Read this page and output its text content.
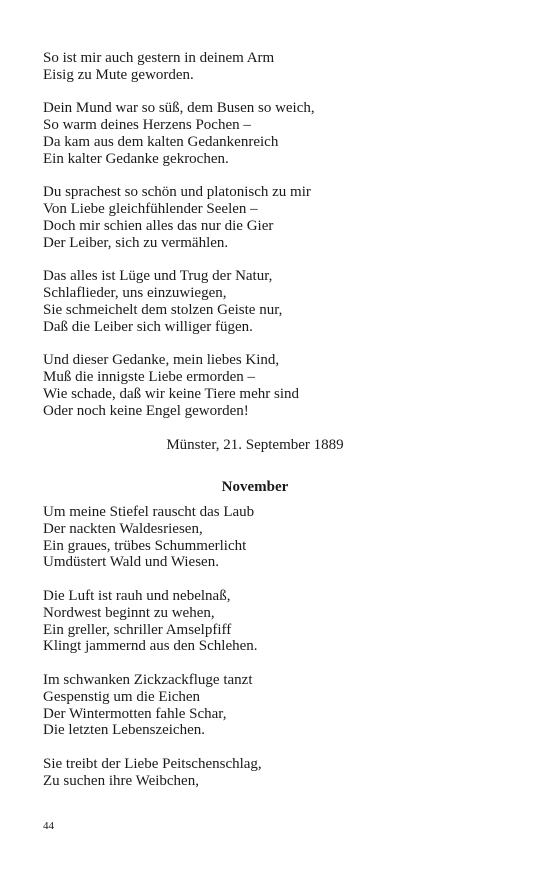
So ist mir auch gestern in deinem Arm
Eisig zu Mute geworden.
Dein Mund war so süß, dem Busen so weich,
So warm deines Herzens Pochen –
Da kam aus dem kalten Gedankenreich
Ein kalter Gedanke gekrochen.
Du sprachest so schön und platonisch zu mir
Von Liebe gleichfühlender Seelen –
Doch mir schien alles das nur die Gier
Der Leiber, sich zu vermählen.
Das alles ist Lüge und Trug der Natur,
Schlaflieder, uns einzuwiegen,
Sie schmeichelt dem stolzen Geiste nur,
Daß die Leiber sich williger fügen.
Und dieser Gedanke, mein liebes Kind,
Muß die innigste Liebe ermorden –
Wie schade, daß wir keine Tiere mehr sind
Oder noch keine Engel geworden!
Münster, 21. September 1889
November
Um meine Stiefel rauscht das Laub
Der nackten Waldesriesen,
Ein graues, trübes Schummerlicht
Umdüstert Wald und Wiesen.
Die Luft ist rauh und nebelnaß,
Nordwest beginnt zu wehen,
Ein greller, schriller Amselpfiff
Klingt jammernd aus den Schlehen.
Im schwanken Zickzackfluge tanzt
Gespenstig um die Eichen
Der Wintermotten fahle Schar,
Die letzten Lebenszeichen.
Sie treibt der Liebe Peitschenschlag,
Zu suchen ihre Weibchen,
44
